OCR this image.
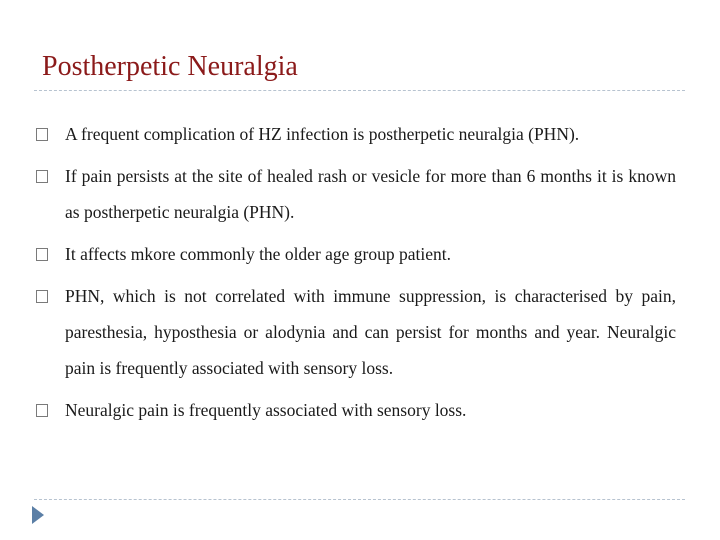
Postherpetic Neuralgia
A frequent complication of HZ infection is postherpetic neuralgia (PHN).
If pain persists at the site of healed rash or vesicle for more than 6 months it is known as postherpetic neuralgia (PHN).
It affects mkore commonly the older age group patient.
PHN, which is not correlated with immune suppression, is characterised by pain, paresthesia, hyposthesia or alodynia and can persist for months and year. Neuralgic pain is frequently associated with sensory loss.
Neuralgic pain is frequently associated with sensory loss.
